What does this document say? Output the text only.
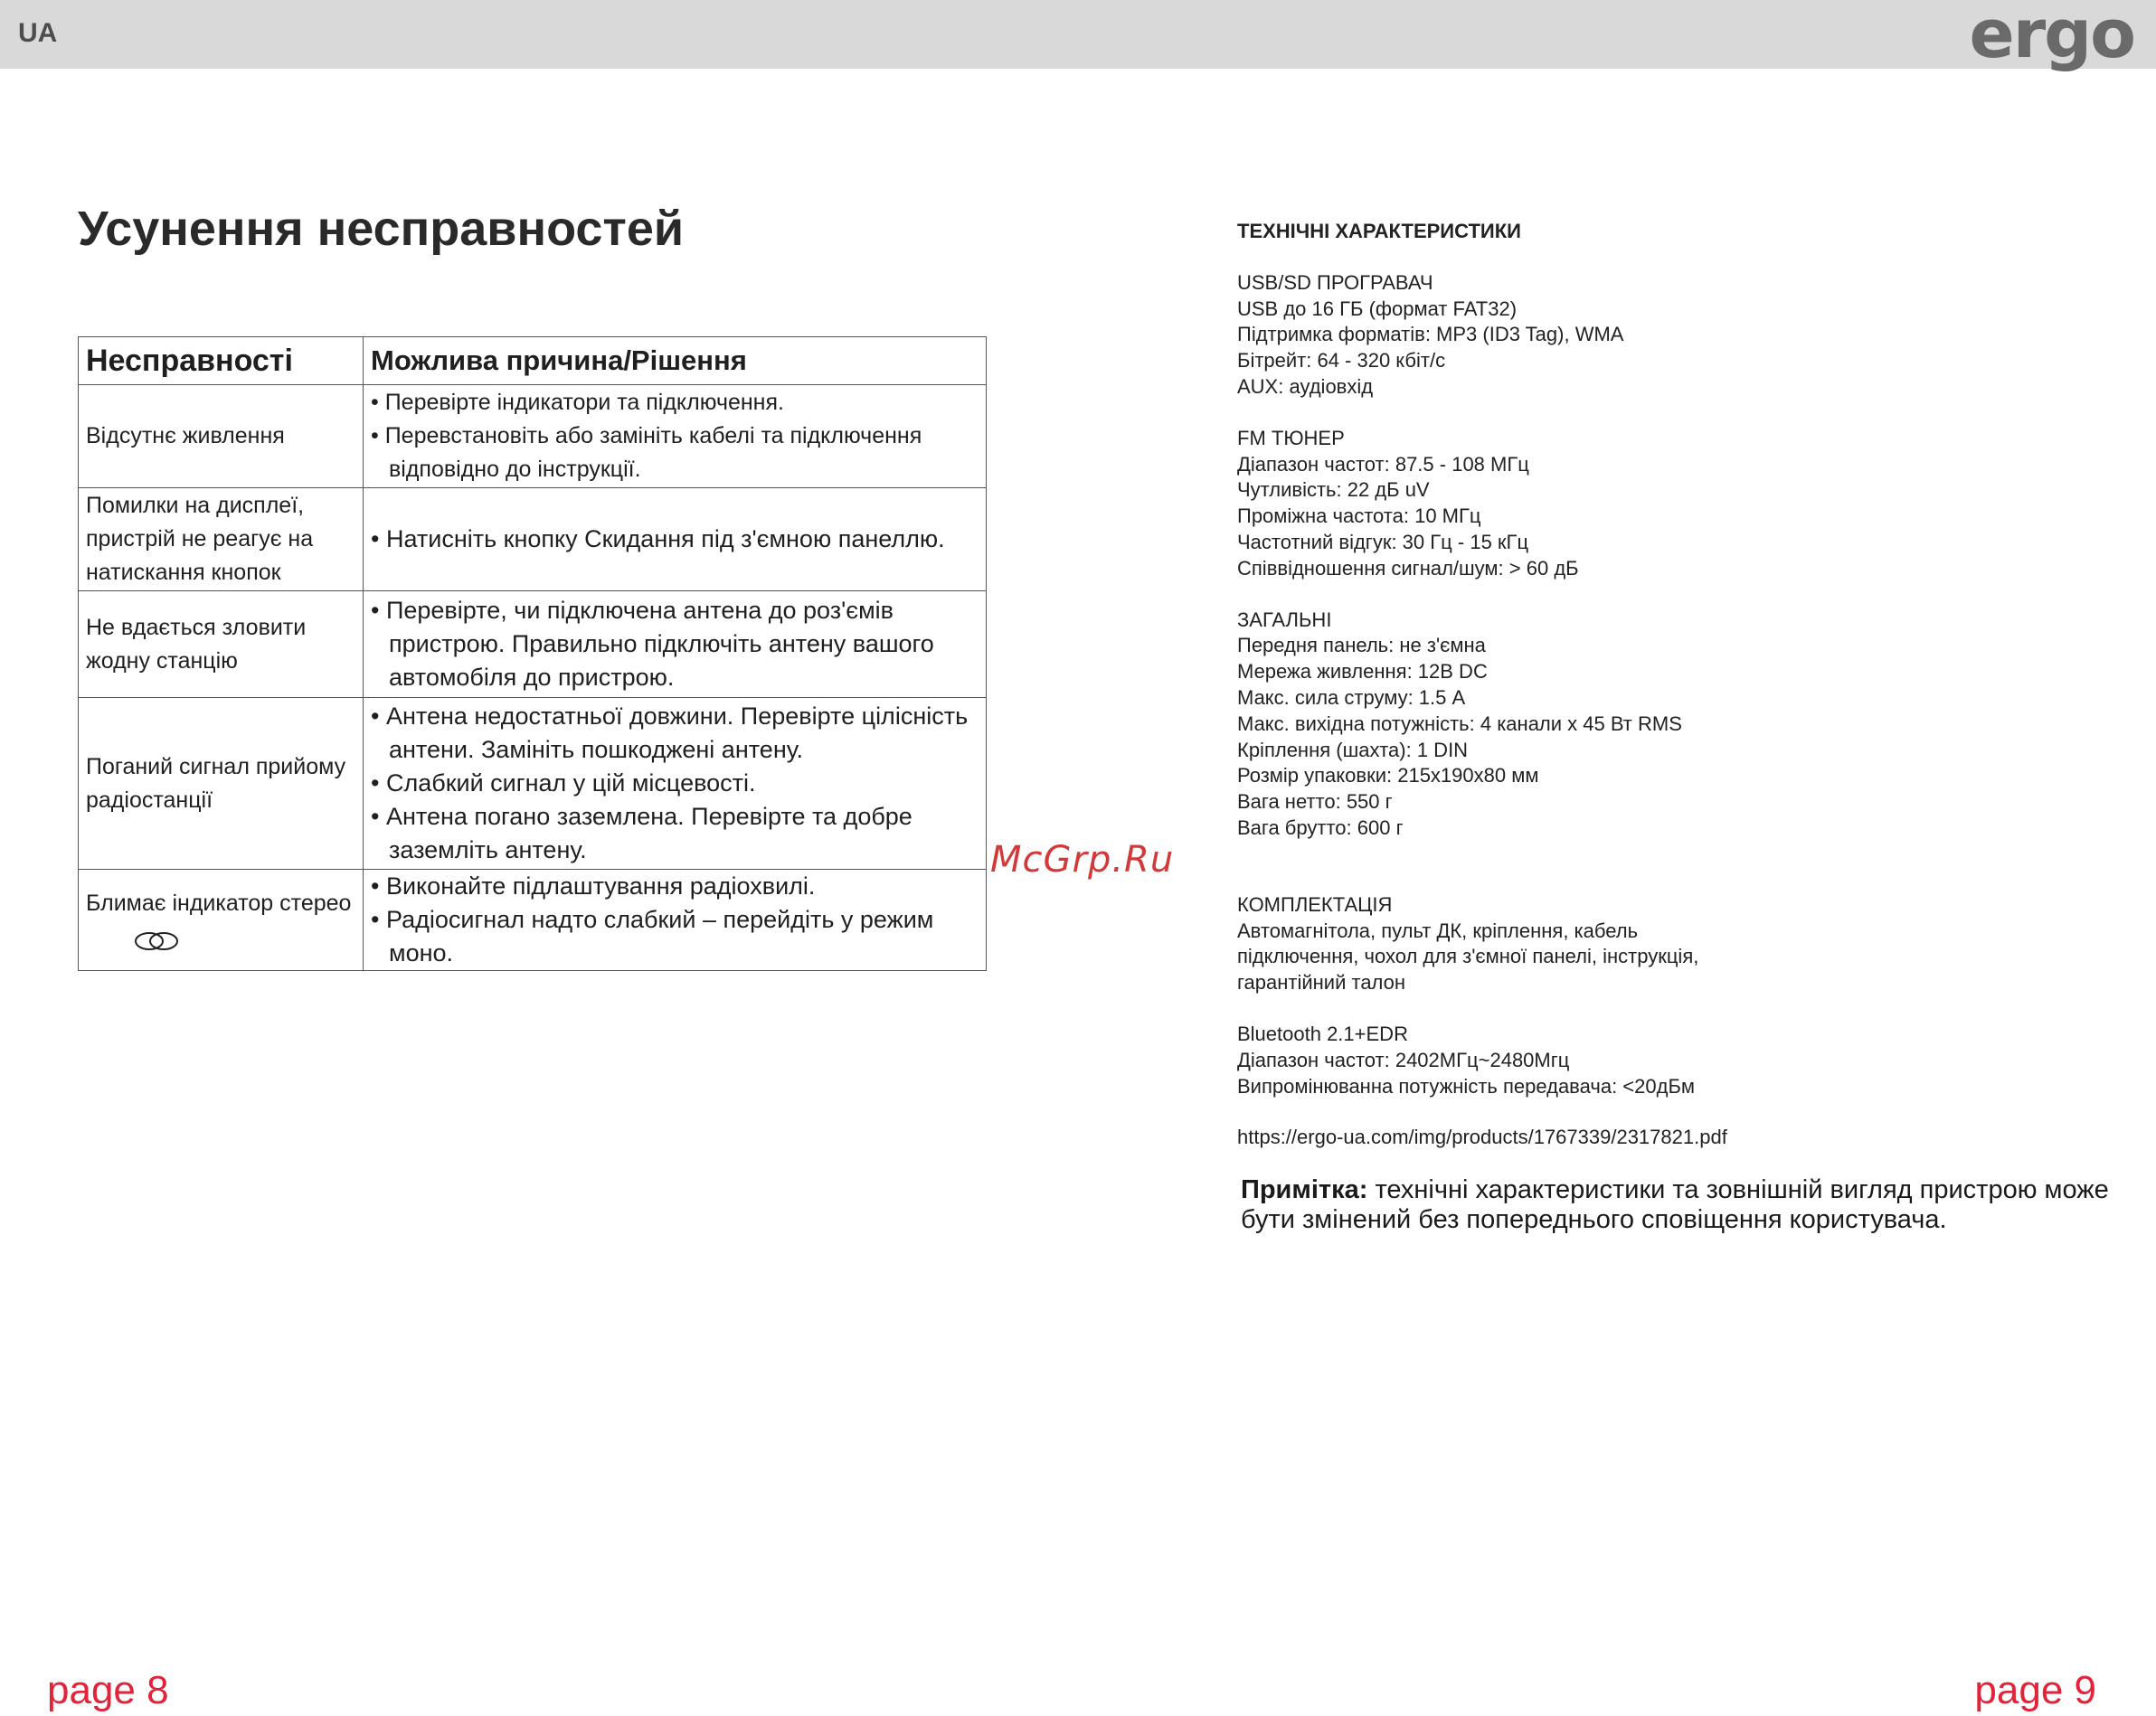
UA	ergo
Усунення несправностей
Несправності	Можлива причина/Рішення
Відсутнє живлення	• Перевірте індикатори та підключення.
• Перевстановіть або замініть кабелі та підключення відповідно до інструкції.

Помилки на дисплеї, пристрій не реагує на натискання кнопок	• Натисніть кнопку Скидання під з'ємною панеллю.

Не вдається зловити жодну станцію	• Перевірте, чи підключена антена до роз'ємів пристрою. Правильно підключіть антену вашого автомобіля до пристрою.

Поганий сигнал прийому радіостанції	• Антена недостатньої довжини. Перевірте цілісність антени. Замініть пошкоджені антену.
• Слабкий сигнал у цій місцевості.
• Антена погано заземлена. Перевірте та добре заземліть антену.

Блимає індикатор стерео	• Виконайте підлаштування радіохвилі.
• Радіосигнал надто слабкий – перейдіть у режим моно.
McGrp.Ru
ТЕХНІЧНІ ХАРАКТЕРИСТИКИ
USB/SD ПРОГРАВАЧ
USB до 16 ГБ (формат FAT32)
Підтримка форматів: MP3 (ID3 Tag), WMA
Бітрейт: 64 - 320 кбіт/с
AUX: аудіовхід
FM ТЮНЕР
Діапазон частот: 87.5 - 108 МГц
Чутливість: 22 дБ uV
Проміжна частота: 10 МГц
Частотний відгук: 30 Гц - 15 кГц
Співвідношення сигнал/шум: > 60 дБ
ЗАГАЛЬНІ
Передня панель: не з'ємна
Мережа живлення: 12В DC
Макс. сила струму: 1.5 А
Макс. вихідна потужність: 4 канали х 45 Вт RMS
Кріплення (шахта): 1 DIN
Розмір упаковки: 215x190x80 мм
Вага нетто: 550 г
Вага брутто: 600 г
КОМПЛЕКТАЦІЯ
Автомагнітола, пульт ДК, кріплення, кабель
підключення, чохол для з'ємної панелі, інструкція,
гарантійний талон
Bluetooth 2.1+EDR
Діапазон частот: 2402МГц~2480Мгц
Випромінюванна потужність передавача: <20дБм
https://ergo-ua.com/img/products/1767339/2317821.pdf
Примітка: технічні характеристики та зовнішній вигляд пристрою може бути змінений без попереднього сповіщення користувача.
page 8	page 9
